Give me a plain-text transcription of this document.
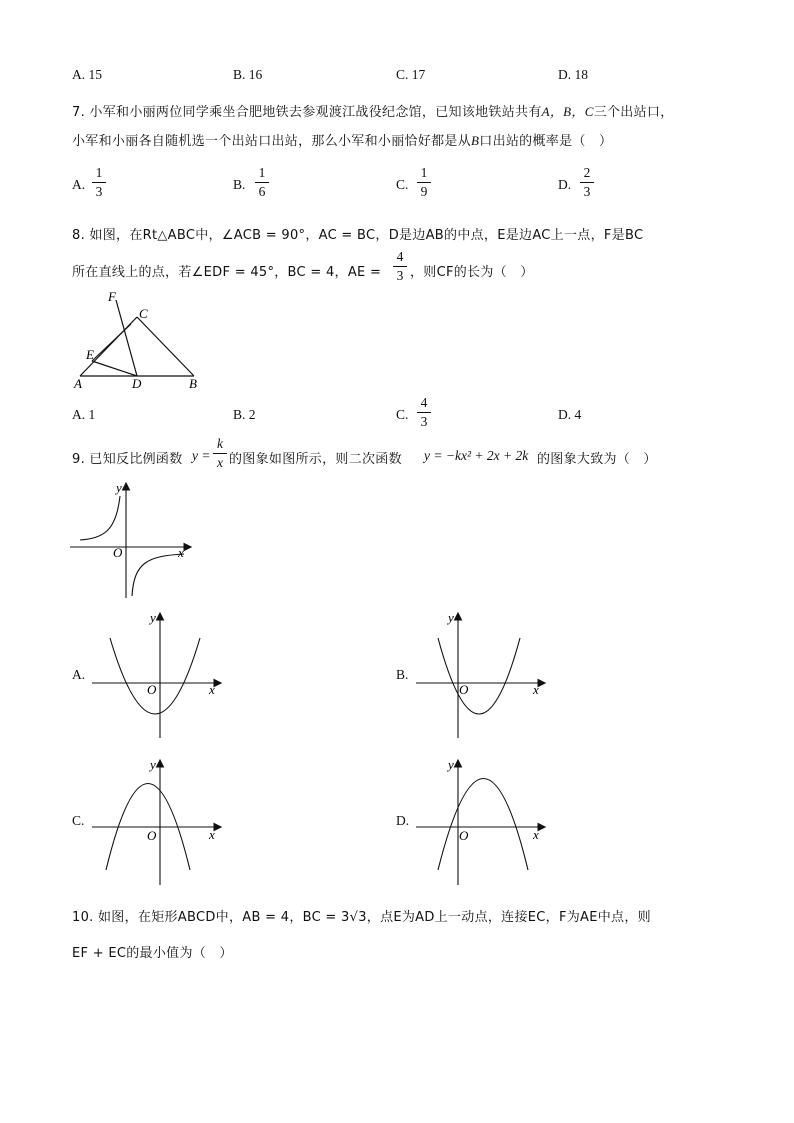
A. 15	B. 16	C. 17	D. 18
7. 小军和小丽两位同学乘坐合肥地铁去参观渡江战役纪念馆，已知该地铁站共有A，B，C三个出站口，
小军和小丽各自随机选一个出站口出站，那么小军和小丽恰好都是从B口出站的概率是（　）
A.
1
3	B.
1
6	C.
1
9	D.
2
3
8. 如图，在Rt△ABC中，∠ACB = 90°，AC = BC，D是边AB的中点，E是边AC上一点，F是BC
所在直线上的点，若∠EDF = 45°，BC = 4，AE =
4
3 ，则CF的长为（　）
F
C
E
A	D	B
A. 1	B. 2	C.
4
3	D. 4
9. 已知反比例函数 y =
k
x 的图象如图所示，则二次函数 y = −kx² + 2x + 2k 的图象大致为（　）
y
x
O
A.
y
x
O
B.
y
x
O
C.
y
x
O
D.
y
x
O
10. 如图，在矩形ABCD中，AB = 4，BC = 3√3，点E为AD上一动点，连接EC，F为AE中点，则
EF + EC的最小值为（　）
